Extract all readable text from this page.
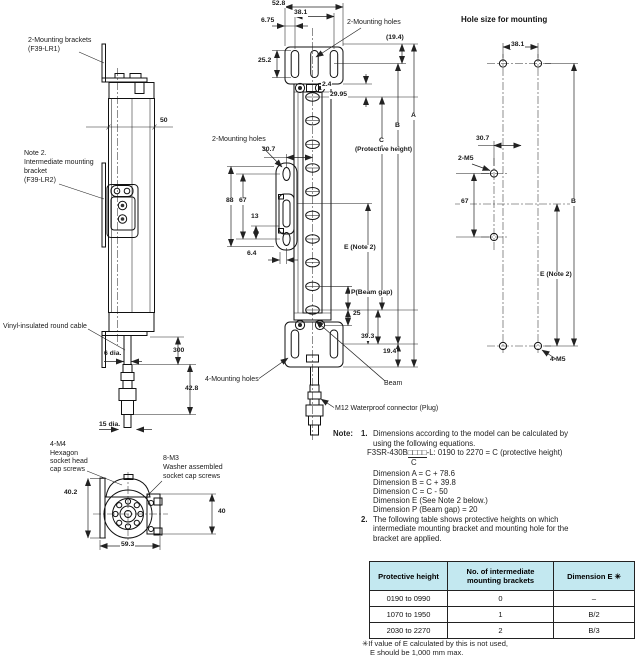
2-Mounting brackets
(F39-LR1)
50
Note 2.
Intermediate mounting
bracket
(F39-LR2)
Vinyl-insulated round cable
6 dia.	300
42.8
15 dia.
4-M4
Hexagon
socket head
cap screws
8-M3
Washer assembled
socket cap screws
40.2
40
59.3
52.8
38.1
6.75	2-Mounting holes
(19.4)
25.2
2.4
29.95
A
B
C
(Protective height)
2-Mounting holes
30.7
88 67
13
6.4
E (Note 2)
P(Beam gap)
25
39.3
19.4
4-Mounting holes
Beam
M12 Waterproof connector (Plug)
Hole size for mounting
38.1
30.7
2-M5
67	B
E (Note 2)
4-M5
Note: 1. Dimensions according to the model can be calculated by
using the following equations.
F3SR-430B□□□□-L: 0190 to 2270 = C (protective height)
C
Dimension A = C + 78.6
Dimension B = C + 39.8
Dimension C = C - 50
Dimension E (See Note 2 below.)
Dimension P (Beam gap) = 20
2. The following table shows protective heights on which
intermediate mounting bracket and mounting hole for the
bracket are applied.
Protective height	No. of intermediate mounting brackets	Dimension E ✳
0190 to 0990	0	–
1070 to 1950	1	B/2
2030 to 2270	2	B/3
✳If value of E calculated by this is not used,
E should be 1,000 mm max.
